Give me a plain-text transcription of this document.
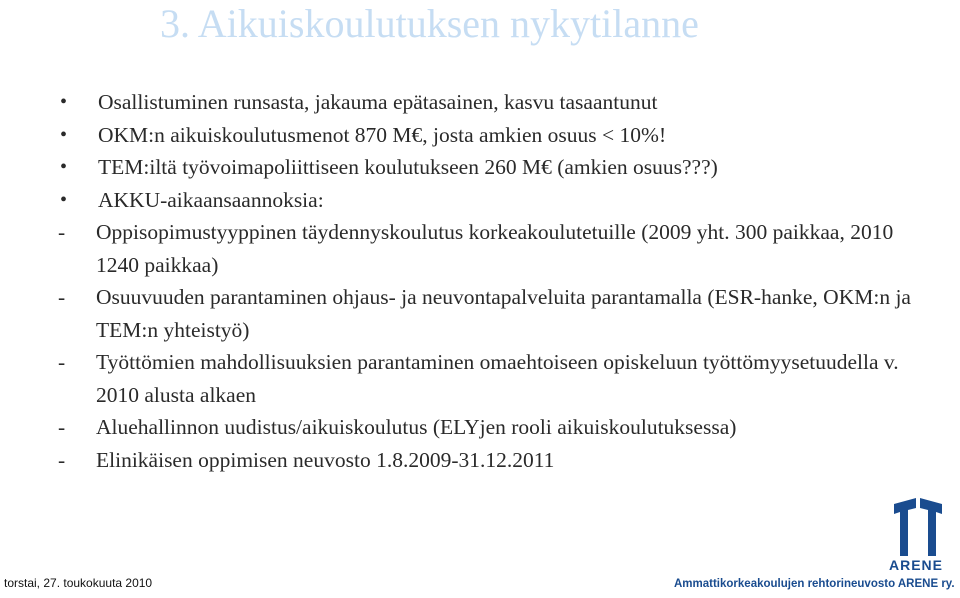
3. Aikuiskoulutuksen nykytilanne
•	Osallistuminen runsasta, jakauma epätasainen, kasvu tasaantunut
•	OKM:n aikuiskoulutusmenot 870 M€, josta amkien osuus < 10%!
•	TEM:iltä työvoimapoliittiseen koulutukseen 260 M€ (amkien osuus???)
•	AKKU-aikaansaannoksia:
-	Oppisopimustyyppinen täydennyskoulutus korkeakoulutetuille (2009 yht. 300 paikkaa, 2010 1240 paikkaa)
-	Osuuvuuden parantaminen ohjaus- ja neuvontapalveluita parantamalla (ESR-hanke, OKM:n ja TEM:n yhteistyö)
-	Työttömien mahdollisuuksien parantaminen omaehtoiseen opiskeluun työttömyysetuudella v. 2010 alusta alkaen
-	Aluehallinnon uudistus/aikuiskoulutus (ELYjen rooli aikuiskoulutuksessa)
-	Elinikäisen oppimisen neuvosto 1.8.2009-31.12.2011
torstai, 27. toukokuuta 2010
ARENE
Ammattikorkeakoulujen rehtorineuvosto ARENE ry.
